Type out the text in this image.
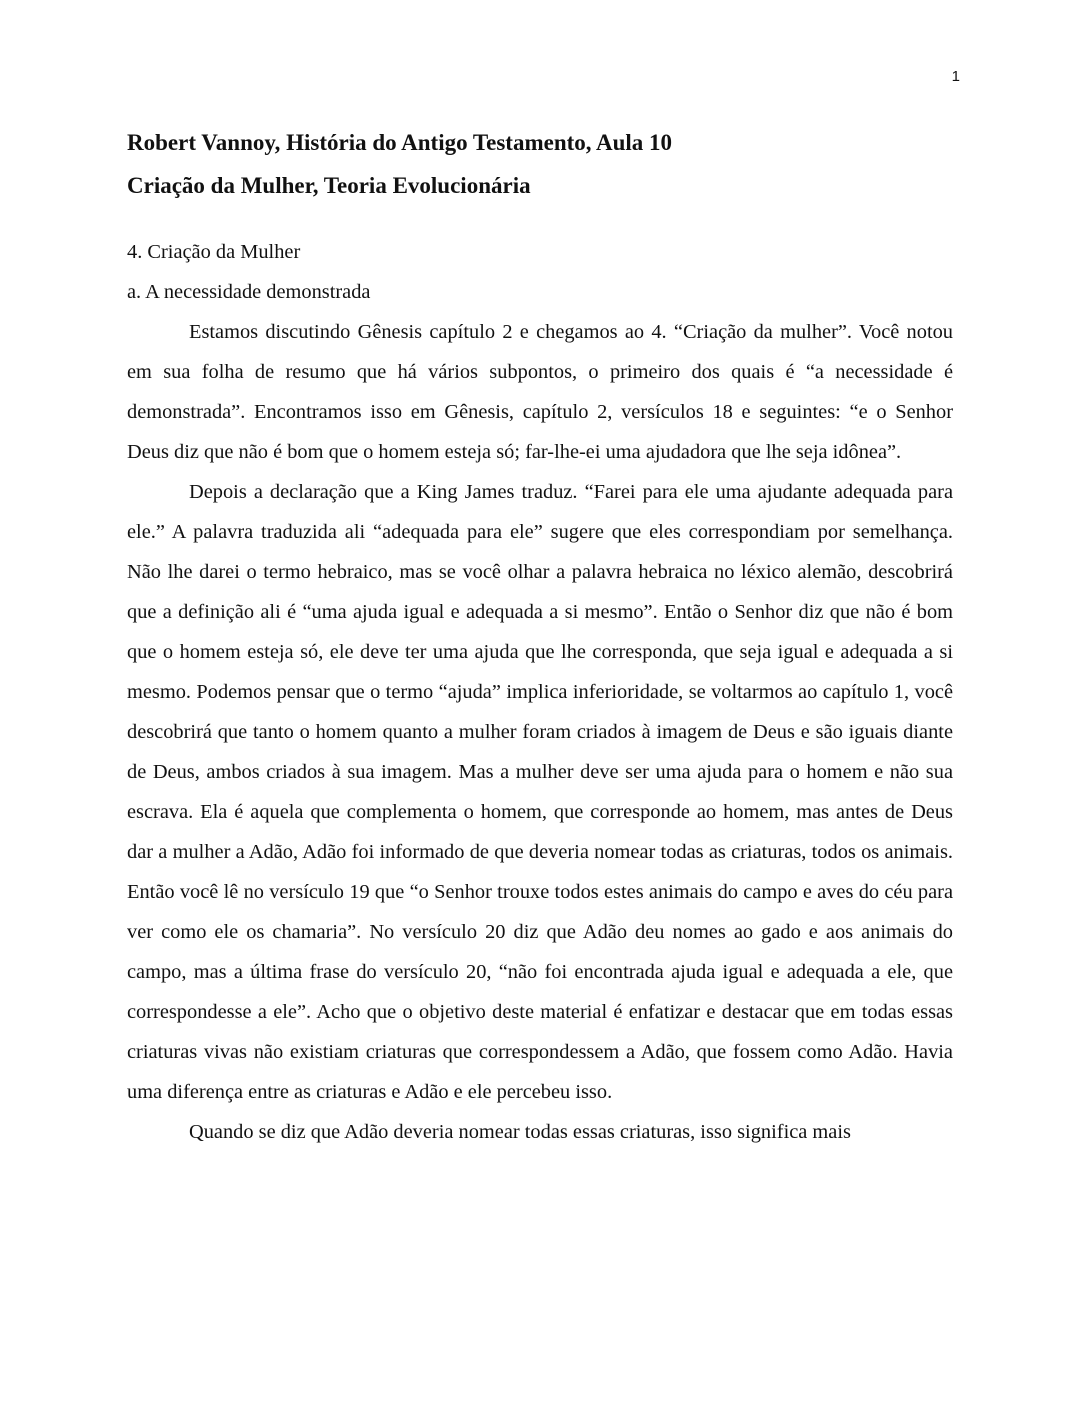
1
Robert Vannoy, História do Antigo Testamento, Aula 10
Criação da Mulher, Teoria Evolucionária

4. Criação da Mulher

a. A necessidade demonstrada

Estamos discutindo Gênesis capítulo 2 e chegamos ao 4. “Criação da mulher”. Você notou em sua folha de resumo que há vários subpontos, o primeiro dos quais é “a necessidade é demonstrada”. Encontramos isso em Gênesis, capítulo 2, versículos 18 e seguintes: “e o Senhor Deus diz que não é bom que o homem esteja só; far-lhe-ei uma ajudadora que lhe seja idônea”.

Depois a declaração que a King James traduz. “Farei para ele uma ajudante adequada para ele.” A palavra traduzida ali “adequada para ele” sugere que eles correspondiam por semelhança. Não lhe darei o termo hebraico, mas se você olhar a palavra hebraica no léxico alemão, descobrirá que a definição ali é “uma ajuda igual e adequada a si mesmo”. Então o Senhor diz que não é bom que o homem esteja só, ele deve ter uma ajuda que lhe corresponda, que seja igual e adequada a si mesmo. Podemos pensar que o termo “ajuda” implica inferioridade, se voltarmos ao capítulo 1, você descobrirá que tanto o homem quanto a mulher foram criados à imagem de Deus e são iguais diante de Deus, ambos criados à sua imagem. Mas a mulher deve ser uma ajuda para o homem e não sua escrava. Ela é aquela que complementa o homem, que corresponde ao homem, mas antes de Deus dar a mulher a Adão, Adão foi informado de que deveria nomear todas as criaturas, todos os animais. Então você lê no versículo 19 que “o Senhor trouxe todos estes animais do campo e aves do céu para ver como ele os chamaria”. No versículo 20 diz que Adão deu nomes ao gado e aos animais do campo, mas a última frase do versículo 20, “não foi encontrada ajuda igual e adequada a ele, que correspondesse a ele”. Acho que o objetivo deste material é enfatizar e destacar que em todas essas criaturas vivas não existiam criaturas que correspondessem a Adão, que fossem como Adão. Havia uma diferença entre as criaturas e Adão e ele percebeu isso.

Quando se diz que Adão deveria nomear todas essas criaturas, isso significa mais
